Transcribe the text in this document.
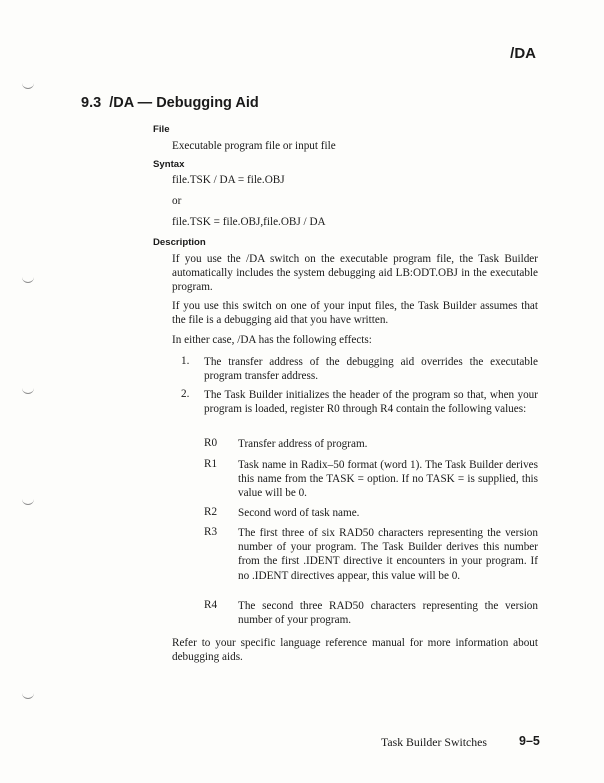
/DA
9.3  /DA — Debugging Aid
File
Executable program file or input file
Syntax
file.TSK / DA = file.OBJ
or
file.TSK = file.OBJ,file.OBJ / DA
Description
If you use the /DA switch on the executable program file, the Task Builder automatically includes the system debugging aid LB:ODT.OBJ in the executable program.
If you use this switch on one of your input files, the Task Builder assumes that the file is a debugging aid that you have written.
In either case, /DA has the following effects:
1. The transfer address of the debugging aid overrides the executable program transfer address.
2. The Task Builder initializes the header of the program so that, when your program is loaded, register R0 through R4 contain the following values:
R0 Transfer address of program.
R1 Task name in Radix–50 format (word 1). The Task Builder derives this name from the TASK = option. If no TASK = is supplied, this value will be 0.
R2 Second word of task name.
R3 The first three of six RAD50 characters representing the version number of your program. The Task Builder derives this number from the first .IDENT directive it encounters in your program. If no .IDENT directives appear, this value will be 0.
R4 The second three RAD50 characters representing the version number of your program.
Refer to your specific language reference manual for more information about debugging aids.
Task Builder Switches	9–5
